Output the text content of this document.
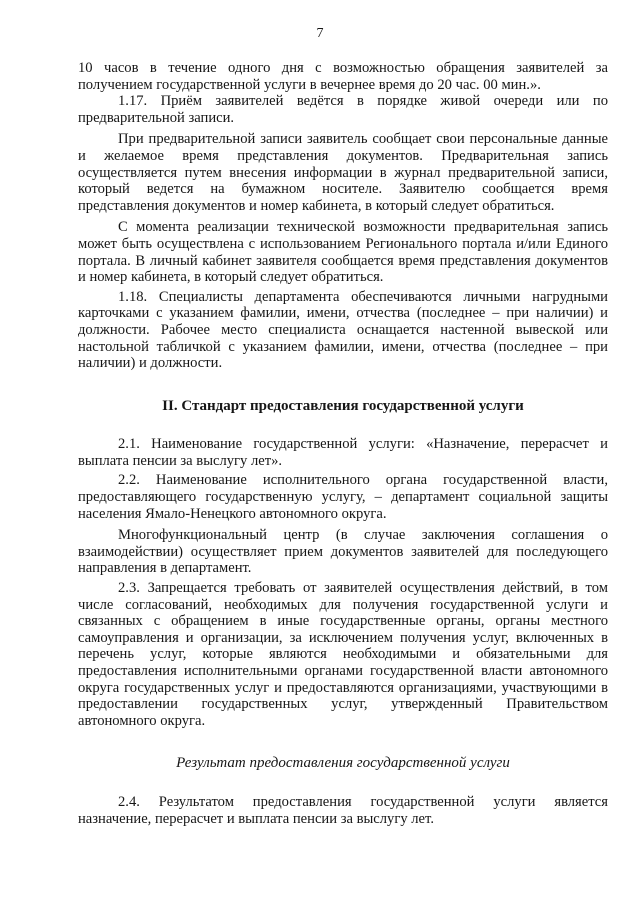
7

10 часов в течение одного дня с возможностью обращения заявителей за получением государственной услуги в вечернее время до 20 час. 00 мин.».

1.17. Приём заявителей ведётся в порядке живой очереди или по предварительной записи.

При предварительной записи заявитель сообщает свои персональные данные и желаемое время представления документов. Предварительная запись осуществляется путем внесения информации в журнал предварительной записи, который ведется на бумажном носителе. Заявителю сообщается время представления документов и номер кабинета, в который следует обратиться.

С момента реализации технической возможности предварительная запись может быть осуществлена с использованием Регионального портала и/или Единого портала. В личный кабинет заявителя сообщается время представления документов и номер кабинета, в который следует обратиться.

1.18. Специалисты департамента обеспечиваются личными нагрудными карточками с указанием фамилии, имени, отчества (последнее – при наличии) и должности. Рабочее место специалиста оснащается настенной вывеской или настольной табличкой с указанием фамилии, имени, отчества (последнее – при наличии) и должности.

II. Стандарт предоставления государственной услуги

2.1. Наименование государственной услуги: «Назначение, перерасчет и выплата пенсии за выслугу лет».

2.2. Наименование исполнительного органа государственной власти, предоставляющего государственную услугу, – департамент социальной защиты населения Ямало-Ненецкого автономного округа.

Многофункциональный центр (в случае заключения соглашения о взаимодействии) осуществляет прием документов заявителей для последующего направления в департамент.

2.3. Запрещается требовать от заявителей осуществления действий, в том числе согласований, необходимых для получения государственной услуги и связанных с обращением в иные государственные органы, органы местного самоуправления и организации, за исключением получения услуг, включенных в перечень услуг, которые являются необходимыми и обязательными для предоставления исполнительными органами государственной власти автономного округа государственных услуг и предоставляются организациями, участвующими в предоставлении государственных услуг, утвержденный Правительством автономного округа.

Результат предоставления государственной услуги

2.4. Результатом предоставления государственной услуги является назначение, перерасчет и выплата пенсии за выслугу лет.
